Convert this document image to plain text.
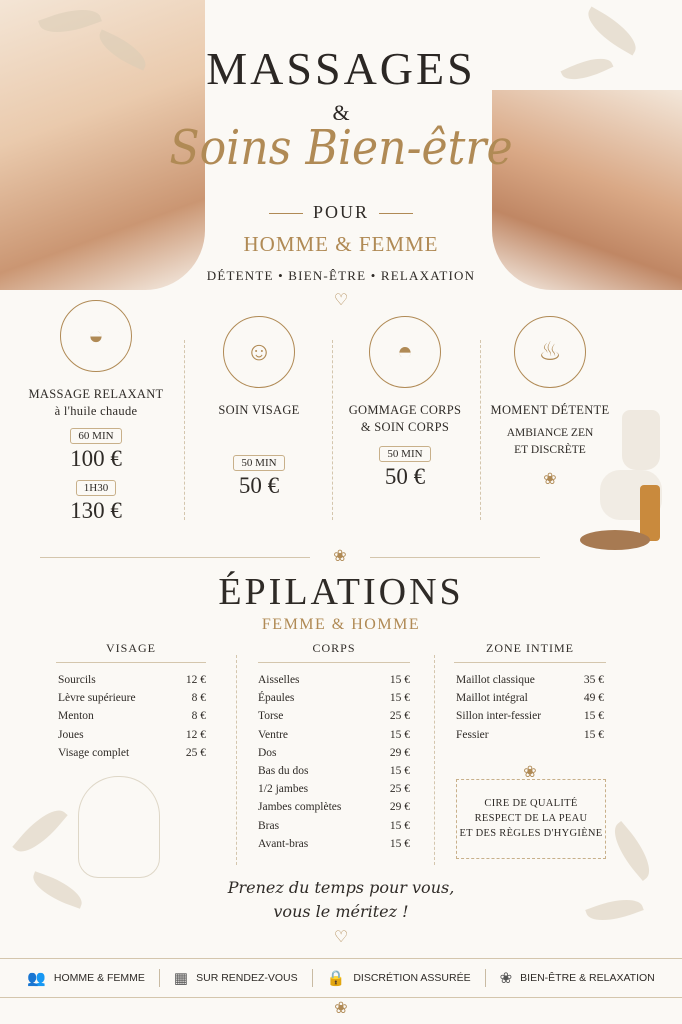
MASSAGES
&
Soins Bien-être
POUR
HOMME & FEMME
DÉTENTE • BIEN-ÊTRE • RELAXATION
♡
◒
MASSAGE RELAXANT
à l'huile chaude
60 MIN
100 €
1H30
130 €
☺
SOIN VISAGE
50 MIN
50 €
◓
GOMMAGE CORPS
& SOIN CORPS
50 MIN
50 €
♨
MOMENT DÉTENTE
AMBIANCE ZEN
ET DISCRÈTE
❀
❀
ÉPILATIONS
FEMME & HOMME
VISAGE
Sourcils	12 €
Lèvre supérieure	8 €
Menton	8 €
Joues	12 €
Visage complet	25 €
CORPS
Aisselles	15 €
Épaules	15 €
Torse	25 €
Ventre	15 €
Dos	29 €
Bas du dos	15 €
1/2 jambes	25 €
Jambes complètes	29 €
Bras	15 €
Avant-bras	15 €
ZONE INTIME
Maillot classique	35 €
Maillot intégral	49 €
Sillon inter-fessier	15 €
Fessier	15 €
❀
CIRE DE QUALITÉ
RESPECT DE LA PEAU
ET DES RÈGLES D'HYGIÈNE
Prenez du temps pour vous,
vous le méritez !
♡
👥 HOMME & FEMME ▦ SUR RENDEZ-VOUS 🔒 DISCRÉTION ASSURÉE ❀ BIEN-ÊTRE & RELAXATION
❀
